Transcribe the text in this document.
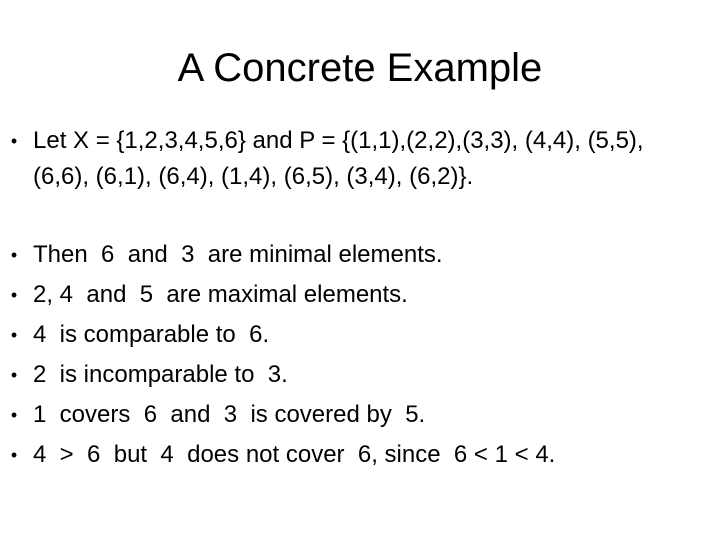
A Concrete Example
• Let X = {1,2,3,4,5,6} and P = {(1,1),(2,2),(3,3), (4,4), (5,5), (6,6), (6,1), (6,4), (1,4), (6,5), (3,4), (6,2)}.
• Then  6  and  3  are minimal elements.
• 2, 4  and  5  are maximal elements.
• 4  is comparable to  6.
• 2  is incomparable to  3.
• 1  covers  6  and  3  is covered by  5.
• 4  >  6  but  4  does not cover  6, since  6 < 1 < 4.
